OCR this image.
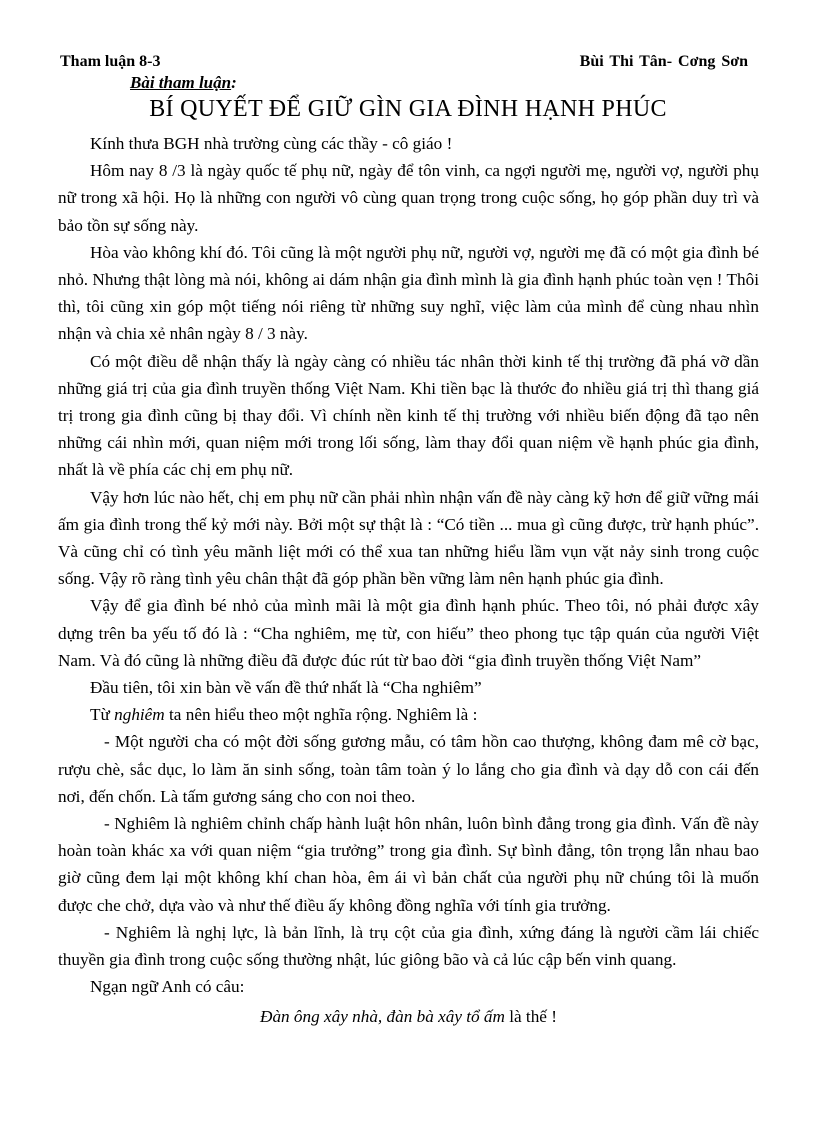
Tham luận 8-3	Bùi Thi Tân- Cơng Sơn
Bài tham luận:
BÍ QUYẾT ĐỂ GIỮ GÌN GIA ĐÌNH HẠNH PHÚC

Kính thưa BGH nhà trường cùng các thầy - cô giáo !

Hôm nay 8 /3 là ngày quốc tế phụ nữ, ngày để tôn vinh, ca ngợi người mẹ, người vợ, người phụ nữ trong xã hội. Họ là những con người vô cùng quan trọng trong cuộc sống, họ góp phần duy trì và bảo tồn sự sống này.

Hòa vào không khí đó. Tôi cũng là một người phụ nữ, người vợ, người mẹ đã có một gia đình bé nhỏ. Nhưng thật lòng mà nói, không ai dám nhận gia đình mình là gia đình hạnh phúc toàn vẹn ! Thôi thì, tôi cũng xin góp một tiếng nói riêng từ những suy nghĩ, việc làm của mình để cùng nhau nhìn nhận và chia xẻ nhân ngày 8 / 3 này.

Có một điều dễ nhận thấy là ngày càng có nhiều tác nhân thời kinh tế thị trường đã phá vỡ dần những giá trị của gia đình truyền thống Việt Nam. Khi tiền bạc là thước đo nhiều giá trị thì thang giá trị trong gia đình cũng bị thay đổi. Vì chính nền kinh tế thị trường với nhiều biến động đã tạo nên những cái nhìn mới, quan niệm mới trong lối sống, làm thay đổi quan niệm về hạnh phúc gia đình, nhất là về phía các chị em phụ nữ.

Vậy hơn lúc nào hết, chị em phụ nữ cần phải nhìn nhận vấn đề này càng kỹ hơn để giữ vững mái ấm gia đình trong thế kỷ mới này. Bởi một sự thật là : “Có tiền ... mua gì cũng được, trừ hạnh phúc”. Và cũng chỉ có tình yêu mãnh liệt mới có thể xua tan những hiểu lầm vụn vặt nảy sinh trong cuộc sống. Vậy rõ ràng tình yêu chân thật đã góp phần bền vững làm nên hạnh phúc gia đình.

Vậy để gia đình bé nhỏ của mình mãi là một gia đình hạnh phúc. Theo tôi, nó phải được xây dựng trên ba yếu tố đó là : “Cha nghiêm, mẹ từ, con hiếu” theo phong tục tập quán của người Việt Nam. Và đó cũng là những điều đã được đúc rút từ bao đời “gia đình truyền thống Việt Nam”

Đầu tiên, tôi xin bàn về vấn đề thứ nhất là “Cha nghiêm”

Từ nghiêm ta nên hiểu theo một nghĩa rộng. Nghiêm là :

- Một người cha có một đời sống gương mẫu, có tâm hồn cao thượng, không đam mê cờ bạc, rượu chè, sắc dục, lo làm ăn sinh sống, toàn tâm toàn ý lo lắng cho gia đình và dạy dỗ con cái đến nơi, đến chốn. Là tấm gương sáng cho con noi theo.

- Nghiêm là nghiêm chỉnh chấp hành luật hôn nhân, luôn bình đẳng trong gia đình. Vấn đề này hoàn toàn khác xa với quan niệm “gia trưởng” trong gia đình. Sự bình đẳng, tôn trọng lẫn nhau bao giờ cũng đem lại một không khí chan hòa, êm ái vì bản chất của người phụ nữ chúng tôi là muốn được che chở, dựa vào và như thế điều ấy không đồng nghĩa với tính gia trưởng.

- Nghiêm là nghị lực, là bản lĩnh, là trụ cột của gia đình, xứng đáng là người cầm lái chiếc thuyền gia đình trong cuộc sống thường nhật, lúc giông bão và cả lúc cập bến vinh quang.

Ngạn ngữ Anh có câu:

Đàn ông xây nhà, đàn bà xây tổ ấm là thế !
